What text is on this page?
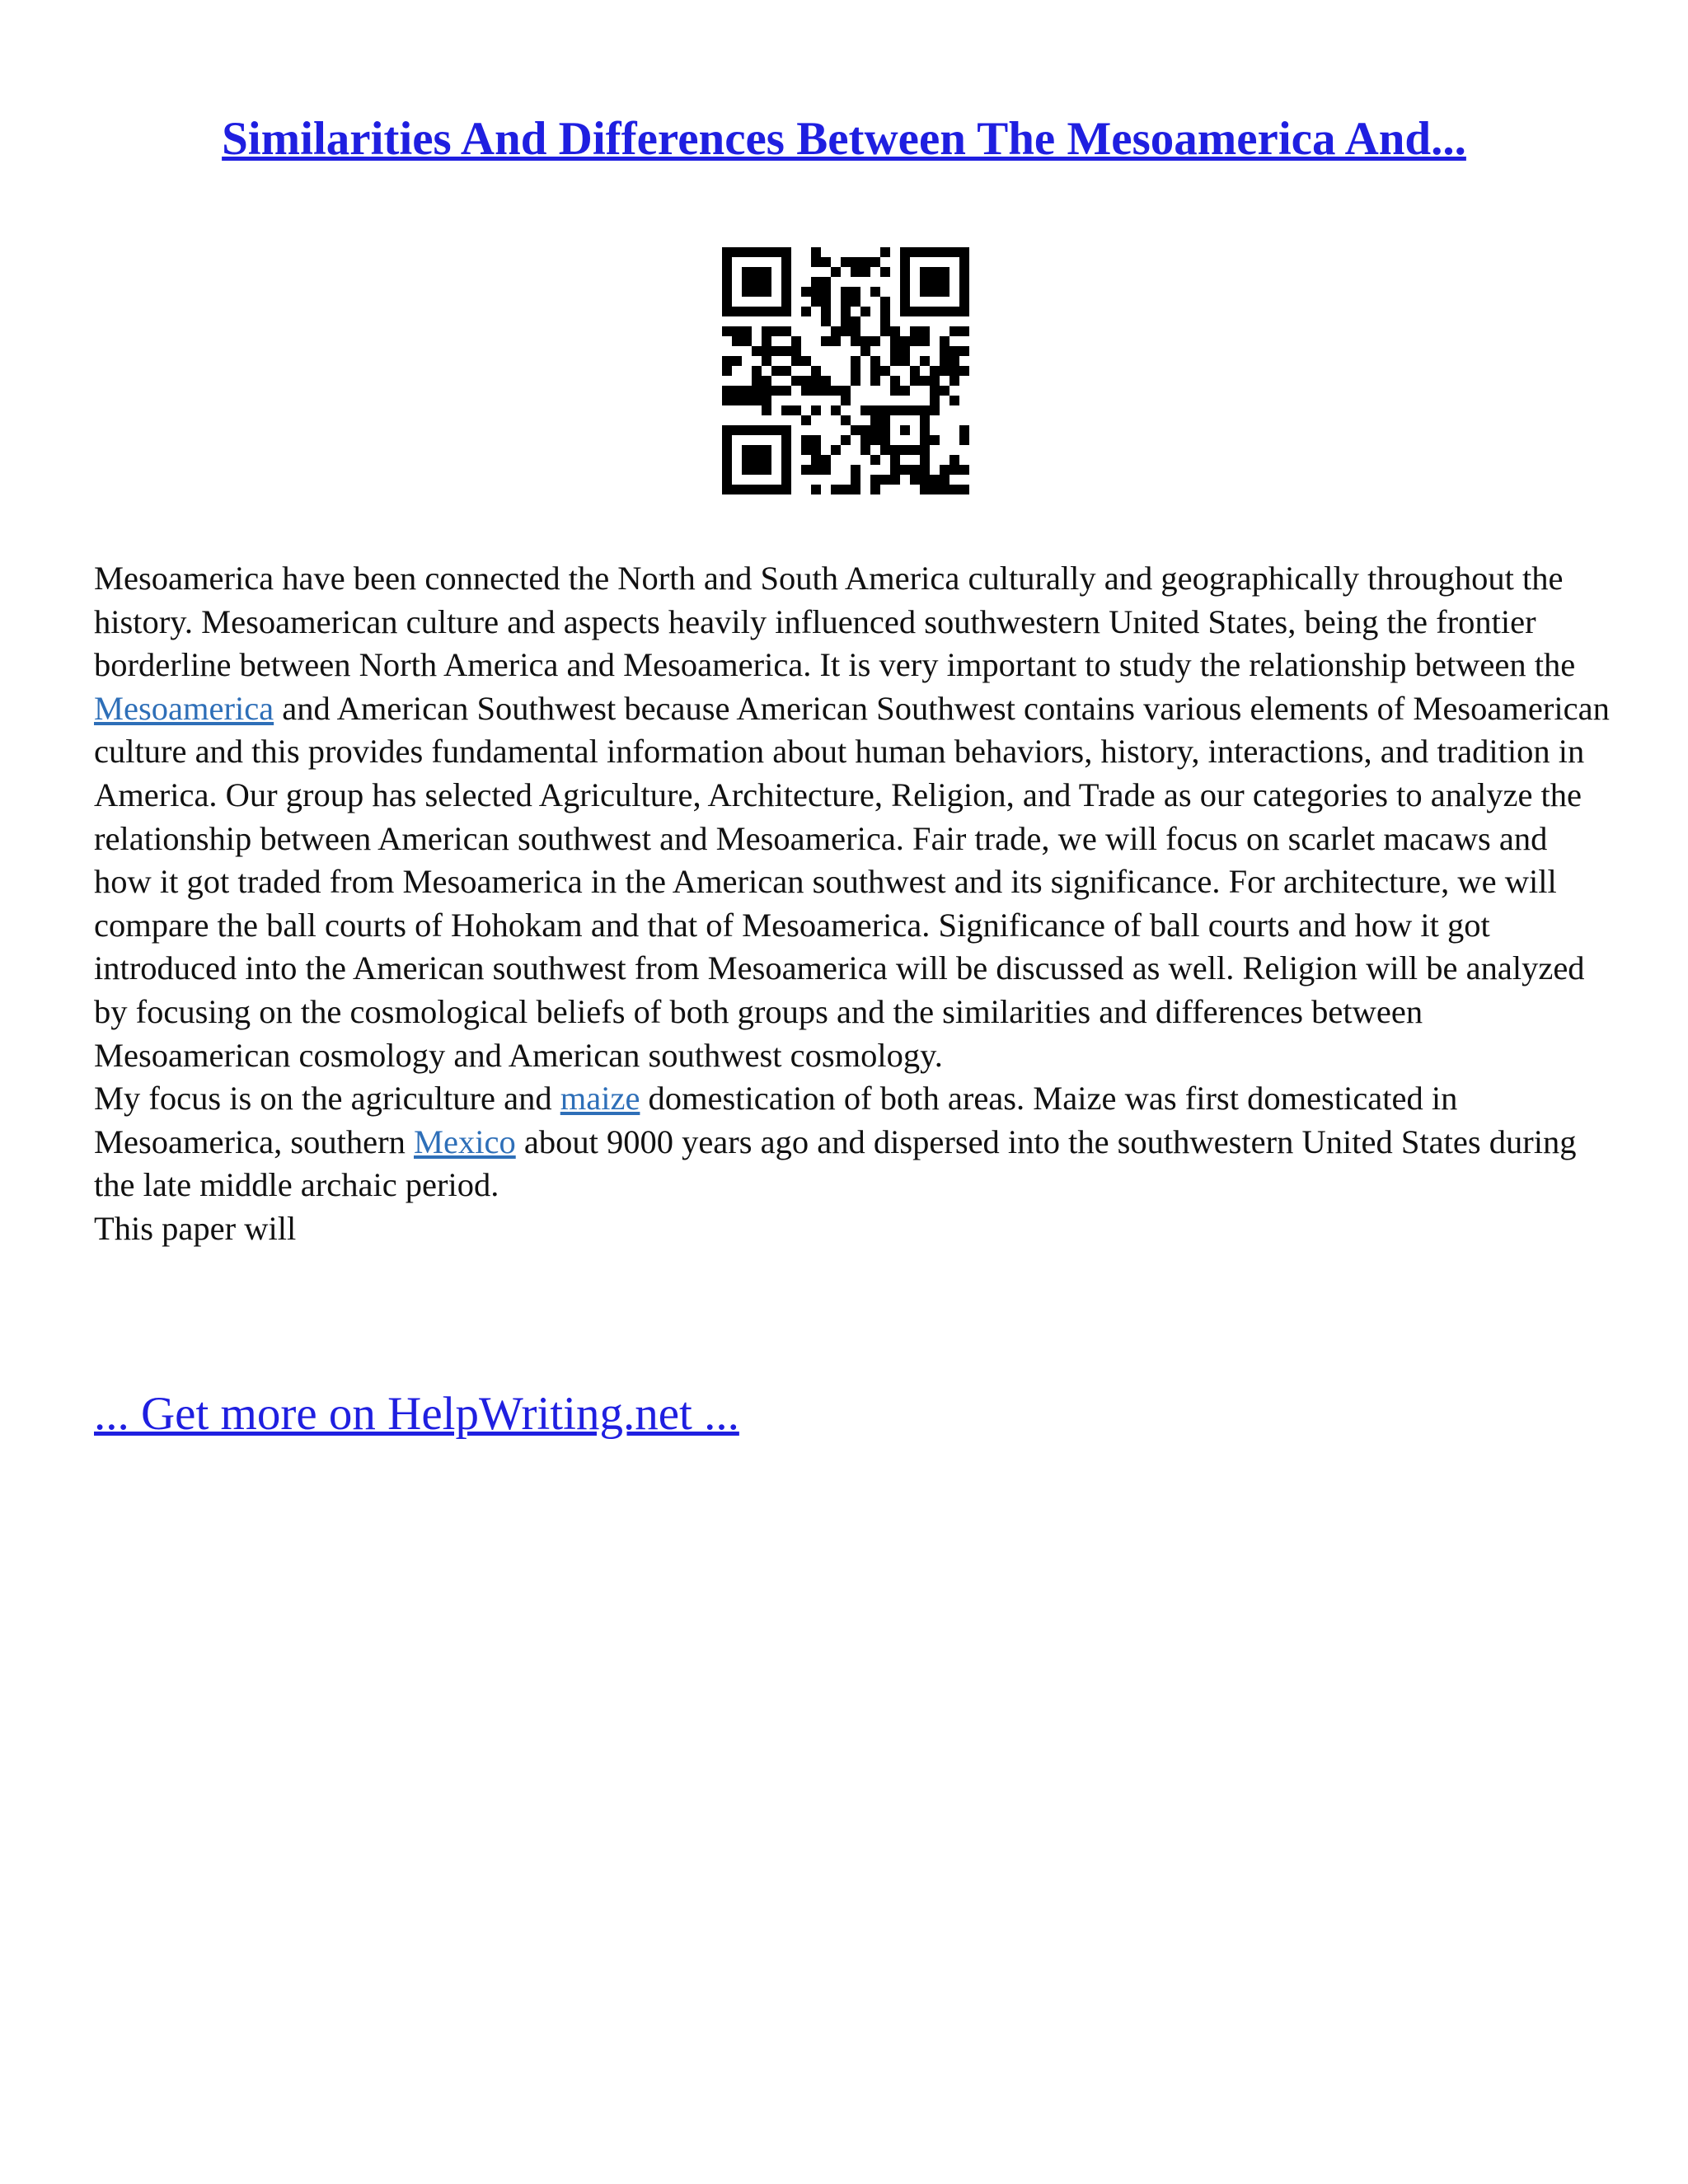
Similarities And Differences Between The Mesoamerica And...

Mesoamerica have been connected the North and South America culturally and geographically throughout the history. Mesoamerican culture and aspects heavily influenced southwestern United States, being the frontier borderline between North America and Mesoamerica. It is very important to study the relationship between the Mesoamerica and American Southwest because American Southwest contains various elements of Mesoamerican culture and this provides fundamental information about human behaviors, history, interactions, and tradition in America. Our group has selected Agriculture, Architecture, Religion, and Trade as our categories to analyze the relationship between American southwest and Mesoamerica. Fair trade, we will focus on scarlet macaws and how it got traded from Mesoamerica in the American southwest and its significance. For architecture, we will compare the ball courts of Hohokam and that of Mesoamerica. Significance of ball courts and how it got introduced into the American southwest from Mesoamerica will be discussed as well. Religion will be analyzed by focusing on the cosmological beliefs of both groups and the similarities and differences between Mesoamerican cosmology and American southwest cosmology.

My focus is on the agriculture and maize domestication of both areas. Maize was first domesticated in Mesoamerica, southern Mexico about 9000 years ago and dispersed into the southwestern United States during the late middle archaic period.

This paper will

... Get more on HelpWriting.net ...
